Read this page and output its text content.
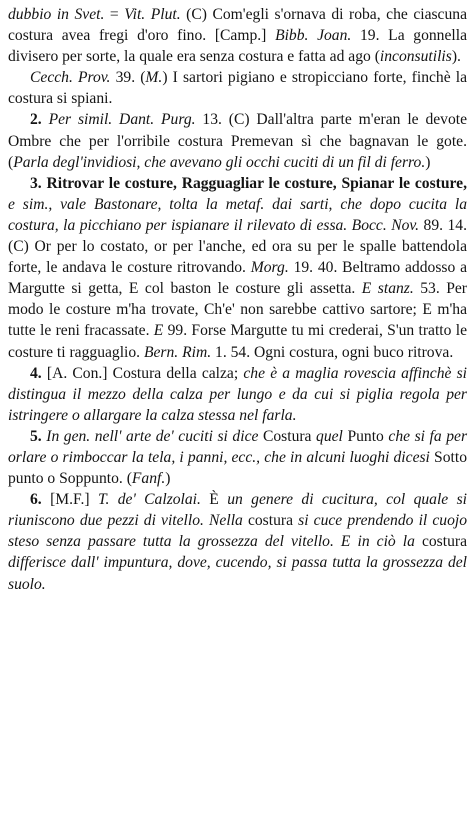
dubbio in Svet. = Vit. Plut. (C) Com'egli s'ornava di roba, che ciascuna costura avea fregi d'oro fino. [Camp.] Bibb. Joan. 19. La gonnella divisero per sorte, la quale era senza costura e fatta ad ago (inconsutilis).

Cecch. Prov. 39. (M.) I sartori pigiano e stropicciano forte, finchè la costura si spiani.

2. Per simil. Dant. Purg. 13. (C) Dall'altra parte m'eran le devote Ombre che per l'orribile costura Premevan sì che bagnavan le gote. (Parla degl'invidiosi, che avevano gli occhi cuciti di un fil di ferro.)

3. Ritrovar le costure, Ragguagliar le costure, Spianar le costure, e sim., vale Bastonare, tolta la metaf. dai sarti, che dopo cucita la costura, la picchiano per ispianare il rilevato di essa. Bocc. Nov. 89. 14. (C) Or per lo costato, or per l'anche, ed ora su per le spalle battendola forte, le andava le costure ritrovando. Morg. 19. 40. Beltramo addosso a Margutte si getta, E col baston le costure gli assetta. E stanz. 53. Per modo le costure m'ha trovate, Ch'e' non sarebbe cattivo sartore; E m'ha tutte le reni fracassate. E 99. Forse Margutte tu mi crederai, S'un tratto le costure ti ragguaglio. Bern. Rim. 1. 54. Ogni costura, ogni buco ritrova.

4. [A. Con.] Costura della calza; che è a maglia rovescia affinchè si distingua il mezzo della calza per lungo e da cui si piglia regola per istringere o allargare la calza stessa nel farla.

5. In gen. nell' arte de' cuciti si dice Costura quel Punto che si fa per orlare o rimboccar la tela, i panni, ecc., che in alcuni luoghi dicesi Sotto punto o Soppunto. (Fanf.)

6. [M.F.] T. de' Calzolai. È un genere di cucitura, col quale si riuniscono due pezzi di vitello. Nella costura si cuce prendendo il cuojo steso senza passare tutta la grossezza del vitello. E in ciò la costura differisce dall' impuntura, dove, cucendo, si passa tutta la grossezza del suolo.
